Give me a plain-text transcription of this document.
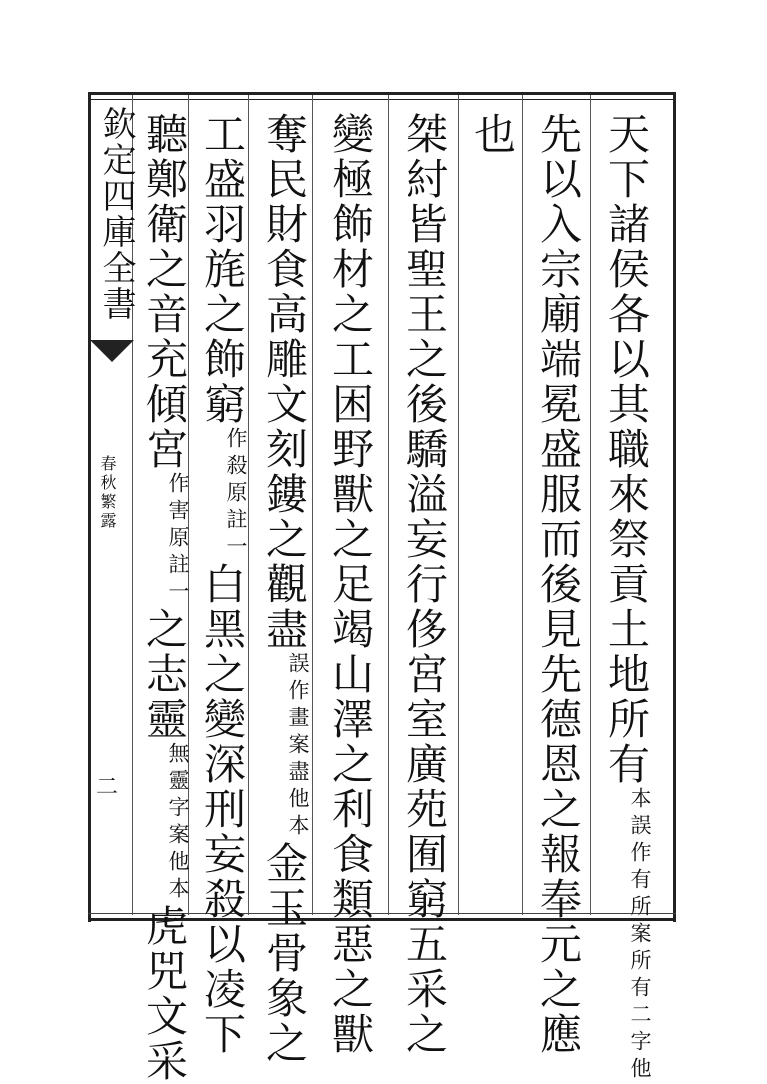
欽定四庫全書
春秋繁露
二
天下諸侯各以其職來祭貢土地所有
案所有二字他
本誤作有所
先以入宗廟端冕盛服而後見先德恩之報奉元之應
也
桀紂皆聖王之後驕溢妄行侈宮室廣苑囿窮五采之
變極飾材之工困野獸之足竭山澤之利食類惡之獸
奪民財食高雕文刻鏤之觀盡
案盡他本
誤作畫
金玉骨象之
工盛羽旄之飾窮
原註一
作殺
白黑之變深刑妄殺以凌下
聽鄭衛之音充傾宮
原註一
作害
之志靈
案他本
無靈字
虎兕文采
